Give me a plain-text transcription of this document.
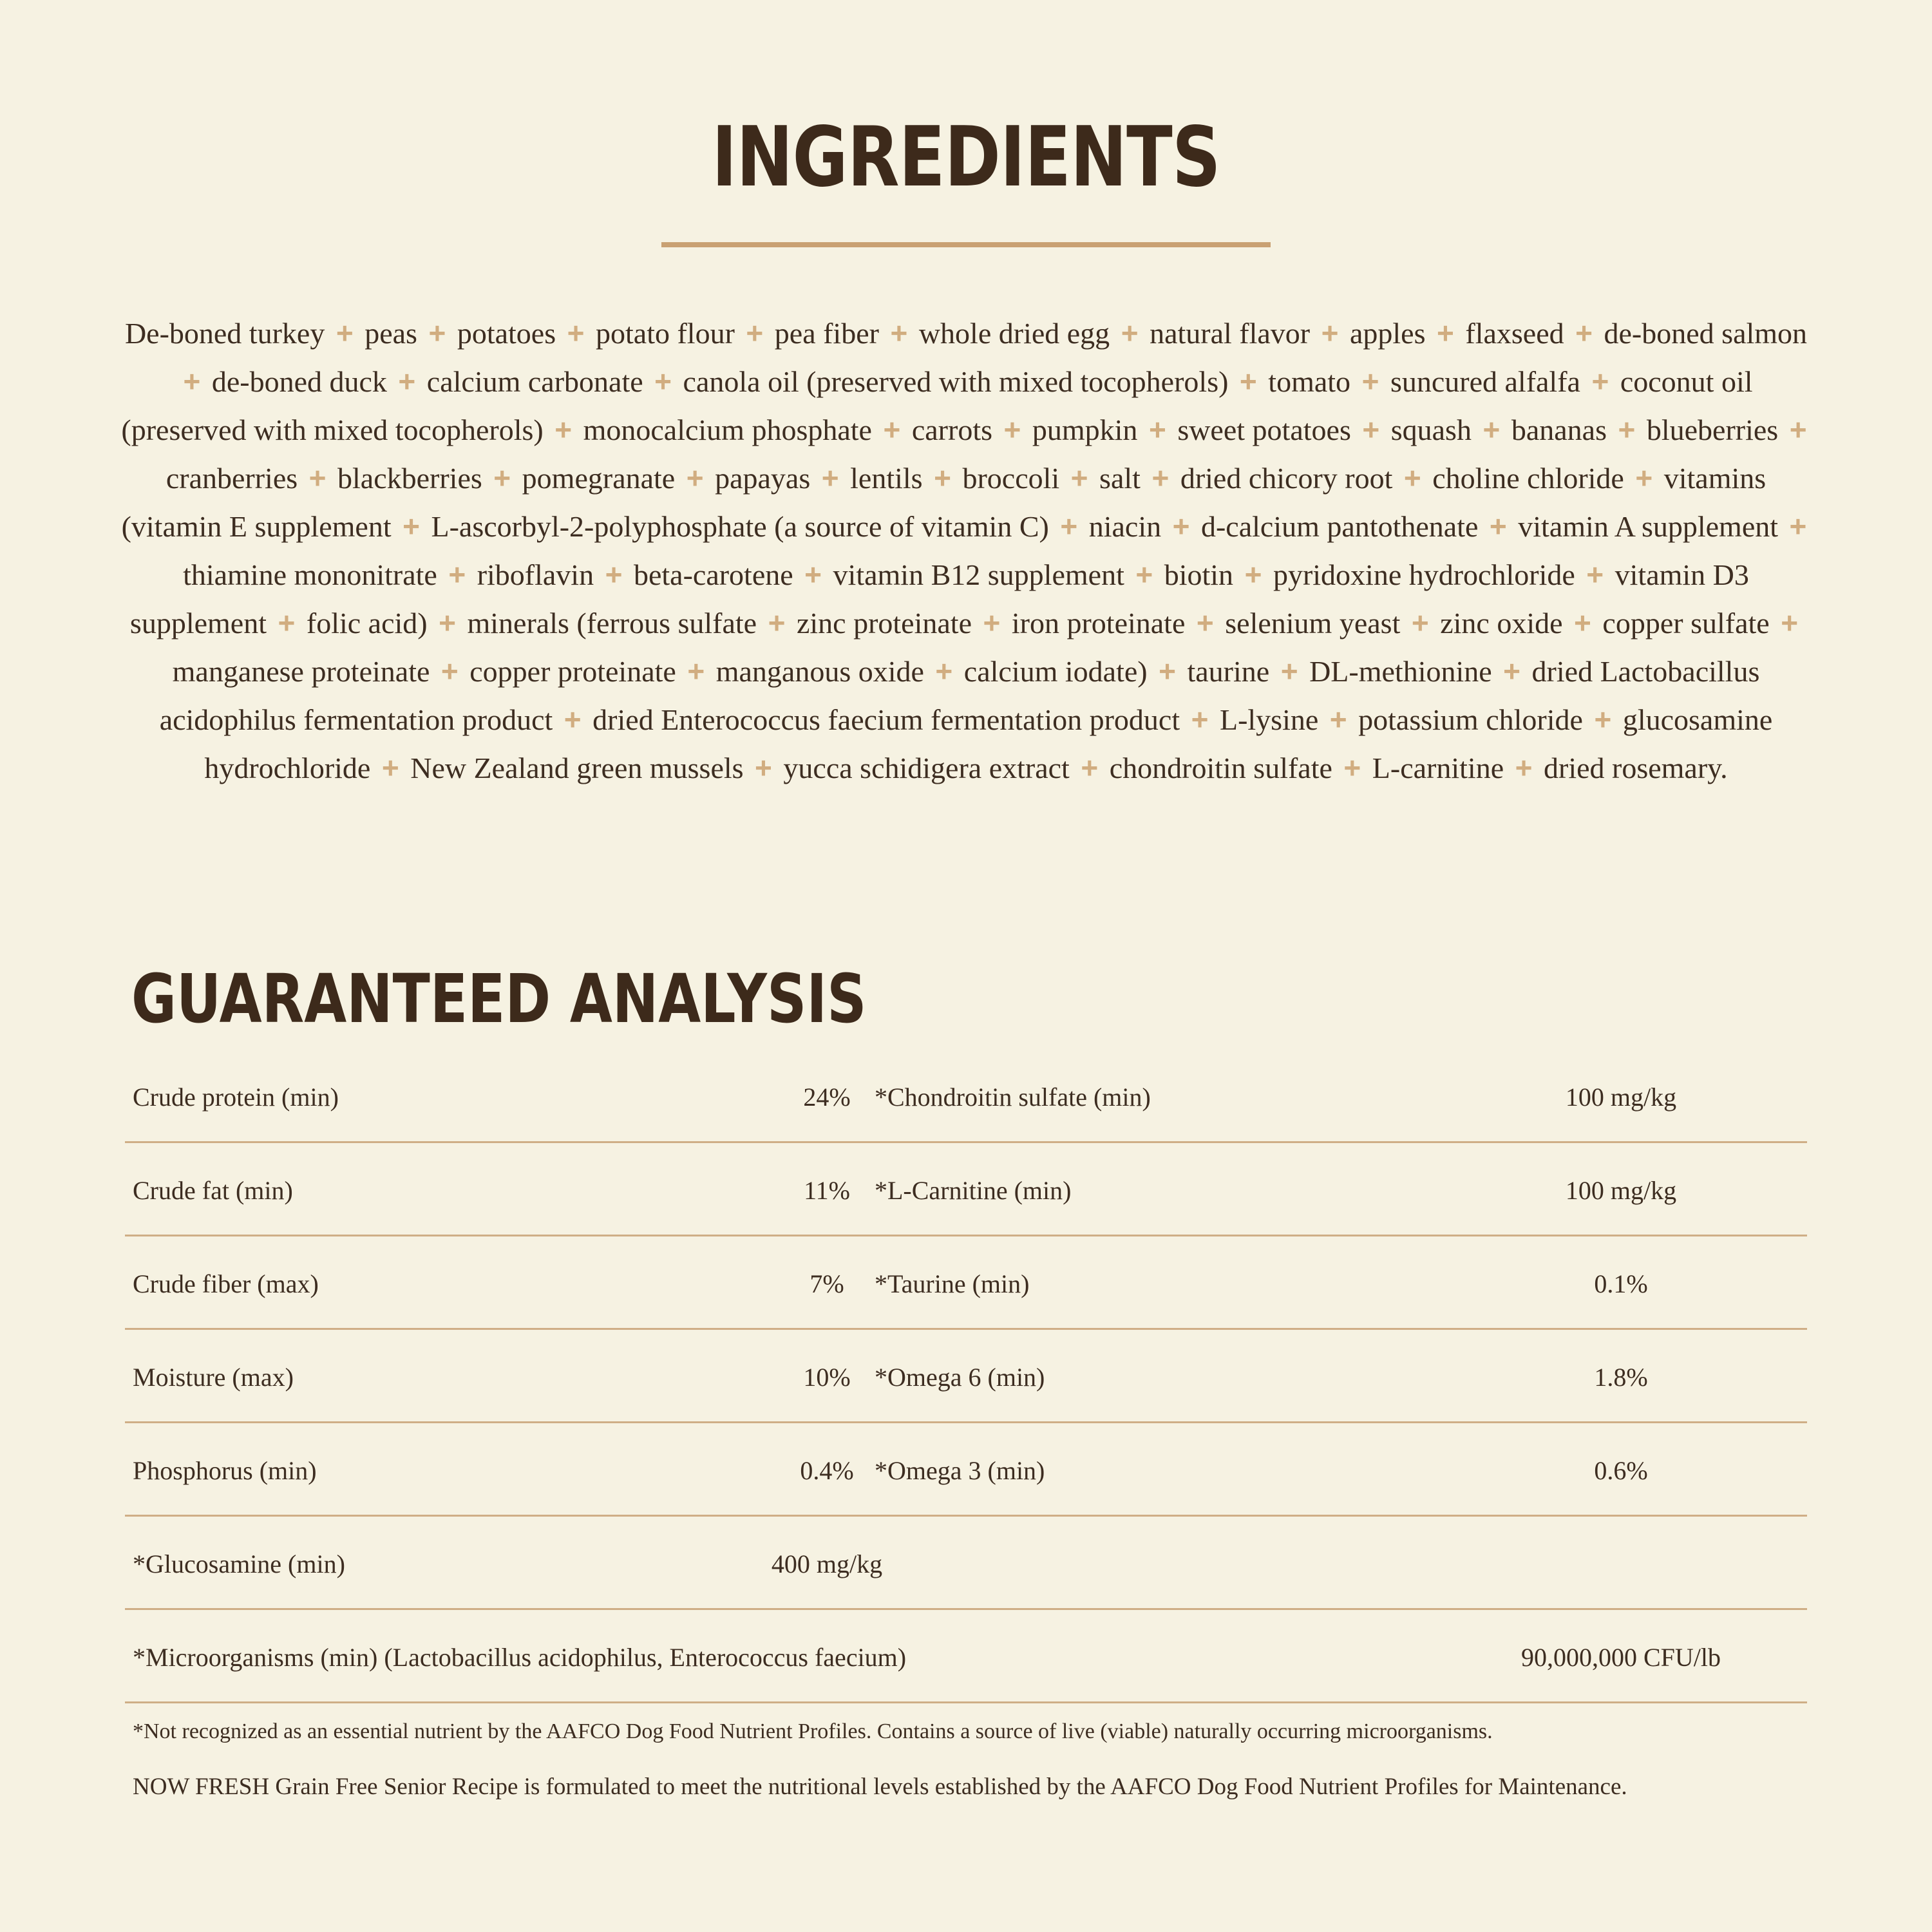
INGREDIENTS
De-boned turkey + peas + potatoes + potato flour + pea fiber + whole dried egg + natural flavor + apples + flaxseed + de-boned salmon + de-boned duck + calcium carbonate + canola oil (preserved with mixed tocopherols) + tomato + suncured alfalfa + coconut oil (preserved with mixed tocopherols) + monocalcium phosphate + carrots + pumpkin + sweet potatoes + squash + bananas + blueberries + cranberries + blackberries + pomegranate + papayas + lentils + broccoli + salt + dried chicory root + choline chloride + vitamins (vitamin E supplement + L-ascorbyl-2-polyphosphate (a source of vitamin C) + niacin + d-calcium pantothenate + vitamin A supplement + thiamine mononitrate + riboflavin + beta-carotene + vitamin B12 supplement + biotin + pyridoxine hydrochloride + vitamin D3 supplement + folic acid) + minerals (ferrous sulfate + zinc proteinate + iron proteinate + selenium yeast + zinc oxide + copper sulfate + manganese proteinate + copper proteinate + manganous oxide + calcium iodate) + taurine + DL-methionine + dried Lactobacillus acidophilus fermentation product + dried Enterococcus faecium fermentation product + L-lysine + potassium chloride + glucosamine hydrochloride + New Zealand green mussels + yucca schidigera extract + chondroitin sulfate + L-carnitine + dried rosemary.
GUARANTEED ANALYSIS
Crude protein (min)	24% *Chondroitin sulfate (min)	100 mg/kg
Crude fat (min)	11% *L-Carnitine (min)	100 mg/kg
Crude fiber (max)	7%	*Taurine (min)	0.1%
Moisture (max)	10% *Omega 6 (min)	1.8%
Phosphorus (min)	0.4% *Omega 3 (min)	0.6%
*Glucosamine (min)	400 mg/kg
*Microorganisms (min) (Lactobacillus acidophilus, Enterococcus faecium)	90,000,000 CFU/lb
*Not recognized as an essential nutrient by the AAFCO Dog Food Nutrient Profiles. Contains a source of live (viable) naturally occurring microorganisms.
NOW FRESH Grain Free Senior Recipe is formulated to meet the nutritional levels established by the AAFCO Dog Food Nutrient Profiles for Maintenance.
